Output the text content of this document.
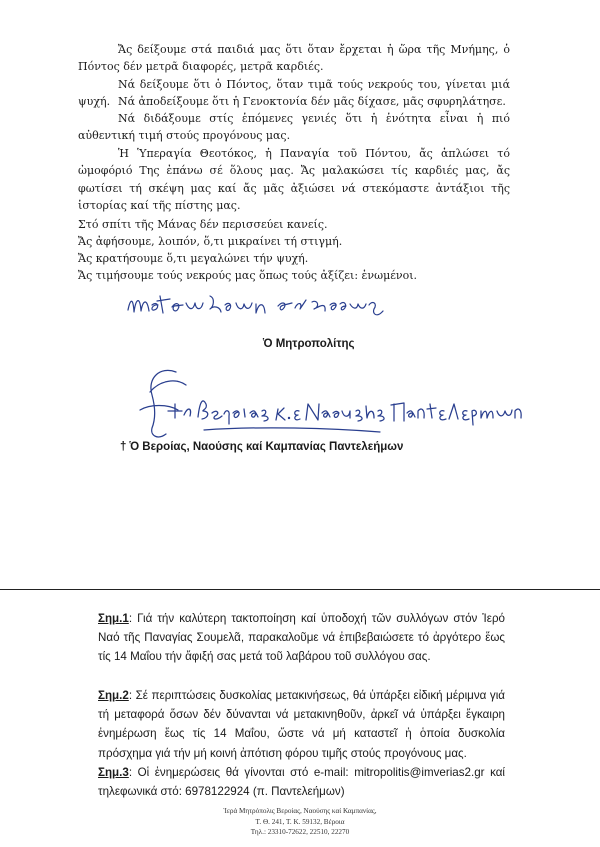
Ἄς δείξουμε στά παιδιά μας ὅτι ὅταν ἔρχεται ἡ ὥρα τῆς Μνήμης, ὁ Πόντος δέν μετρᾶ διαφορές, μετρᾶ καρδιές.
Νά δείξουμε ὅτι ὁ Πόντος, ὅταν τιμᾶ τούς νεκρούς του, γίνεται μιά ψυχή. Νά ἀποδείξουμε ὅτι ἡ Γενοκτονία δέν μᾶς δίχασε, μᾶς σφυρηλάτησε.
Νά διδάξουμε στίς ἑπόμενες γενιές ὅτι ἡ ἑνότητα εἶναι ἡ πιό αὐθεντική τιμή στούς προγόνους μας.
Ἡ Ὑπεραγία Θεοτόκος, ἡ Παναγία τοῦ Πόντου, ἄς ἁπλώσει τό ὠμοφόριό Της ἐπάνω σέ ὅλους μας. Ἄς μαλακώσει τίς καρδιές μας, ἄς φωτίσει τή σκέψη μας καί ἄς μᾶς ἀξιώσει νά στεκόμαστε ἀντάξιοι τῆς ἱστορίας καί τῆς πίστης μας.
Στό σπίτι τῆς Μάνας δέν περισσεύει κανείς.
Ἄς ἀφήσουμε, λοιπόν, ὅ,τι μικραίνει τή στιγμή.
Ἄς κρατήσουμε ὅ,τι μεγαλώνει τήν ψυχή.
Ἄς τιμήσουμε τούς νεκρούς μας ὅπως τούς ἀξίζει: ἑνωμένοι.
Ὁ Μητροπολίτης
† Ὁ Βεροίας, Ναούσης καί Καμπανίας Παντελεήμων
Σημ.1: Γιά τήν καλύτερη τακτοποίηση καί ὑποδοχή τῶν συλλόγων στόν Ἱερό Ναό τῆς Παναγίας Σουμελᾶ, παρακαλοῦμε νά ἐπιβεβαιώσετε τό ἀργότερο ἕως τίς 14 Μαΐου τήν ἄφιξή σας μετά τοῦ λαβάρου τοῦ συλλόγου σας.
Σημ.2: Σέ περιπτώσεις δυσκολίας μετακινήσεως, θά ὑπάρξει εἰδική μέριμνα γιά τή μεταφορά ὅσων δέν δύνανται νά μετακινηθοῦν, ἀρκεῖ νά ὑπάρξει ἔγκαιρη ἐνημέρωση ἕως τίς 14 Μαΐου, ὥστε νά μή καταστεῖ ἡ ὁποία δυσκολία πρόσχημα γιά τήν μή κοινή ἀπότιση φόρου τιμῆς στούς προγόνους μας.
Σημ.3: Οἱ ἐνημερώσεις θά γίνονται στό e-mail: mitropolitis@imverias2.gr καί τηλεφωνικά στό: 6978122924 (π. Παντελεήμων)
Ἱερά Μητρόπολις Βεροίας, Ναούσης καί Καμπανίας,
Τ. Θ. 241, Τ. Κ. 59132, Βέροια
Τηλ.: 23310-72622, 22510, 22270
